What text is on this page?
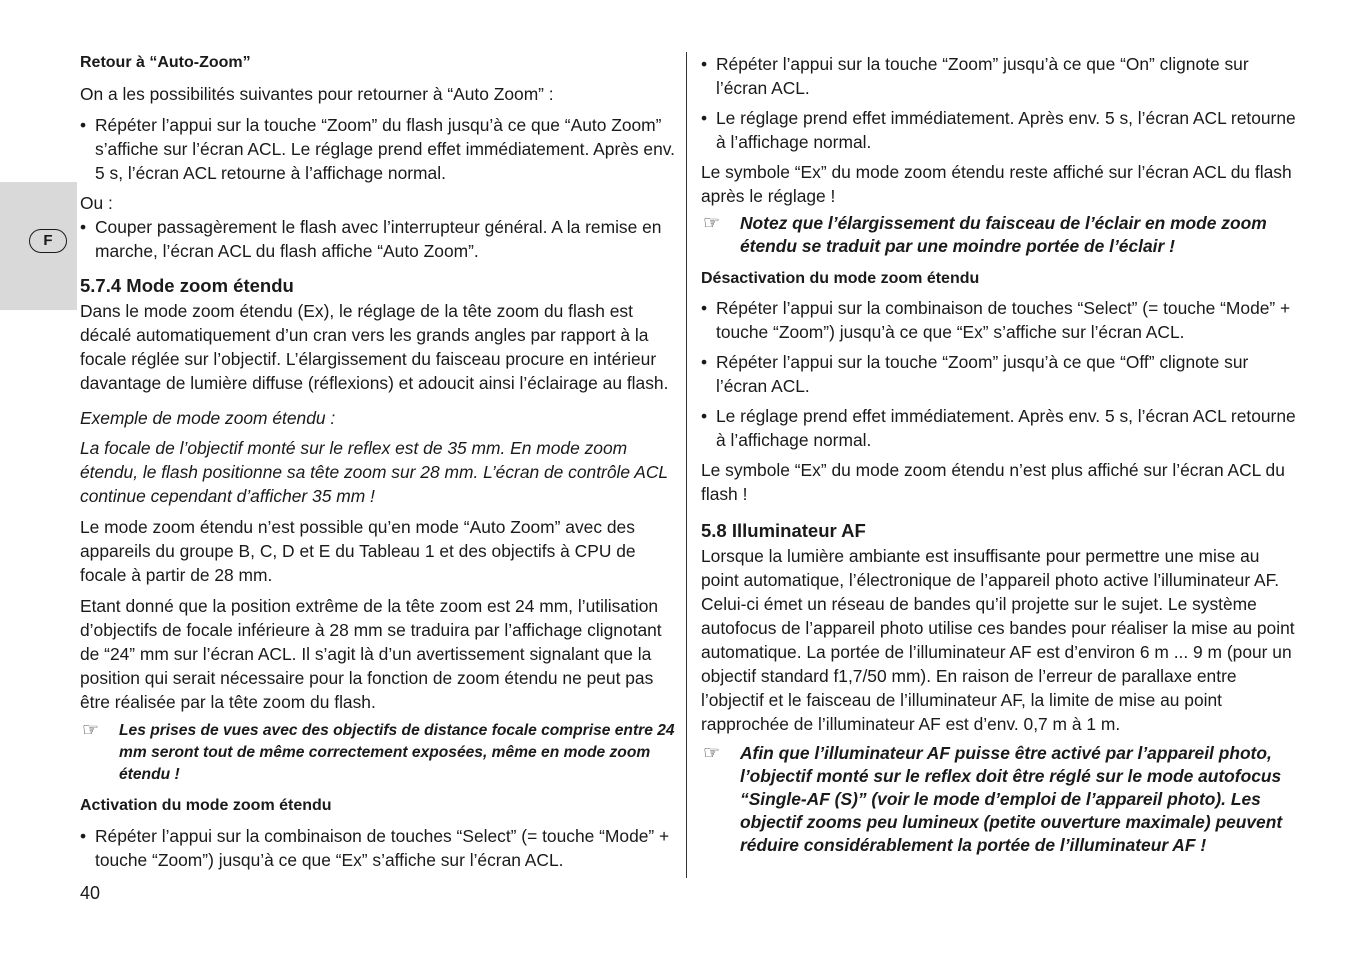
F

Retour à “Auto-Zoom”

On a les possibilités suivantes pour retourner à “Auto Zoom” :

• Répéter l’appui sur la touche “Zoom” du flash jusqu’à ce que “Auto Zoom” s’affiche sur l’écran ACL. Le réglage prend effet immédiatement. Après env. 5 s, l’écran ACL retourne à l’affichage normal.

Ou :

• Couper passagèrement le flash avec l’interrupteur général. A la remise en marche, l’écran ACL du flash affiche “Auto Zoom”.

5.7.4 Mode zoom étendu

Dans le mode zoom étendu (Ex), le réglage de la tête zoom du flash est décalé automatiquement d’un cran vers les grands angles par rapport à la focale réglée sur l’objectif. L’élargissement du faisceau procure en intérieur davantage de lumière diffuse (réflexions) et adoucit ainsi l’éclairage au flash.

Exemple de mode zoom étendu :

La focale de l’objectif monté sur le reflex est de 35 mm. En mode zoom étendu, le flash positionne sa tête zoom sur 28 mm. L’écran de contrôle ACL continue cependant d’afficher 35 mm !

Le mode zoom étendu n’est possible qu’en mode “Auto Zoom” avec des appareils du groupe B, C, D et E du Tableau 1 et des objectifs à CPU de focale à partir de 28 mm.

Etant donné que la position extrême de la tête zoom est 24 mm, l’utilisation d’objectifs de focale inférieure à 28 mm se traduira par l’affichage clignotant de “24” mm sur l’écran ACL. Il s’agit là d’un avertissement signalant que la position qui serait nécessaire pour la fonction de zoom étendu ne peut pas être réalisée par la tête zoom du flash.

☞ Les prises de vues avec des objectifs de distance focale comprise entre 24 mm seront tout de même correctement exposées, même en mode zoom étendu !

Activation du mode zoom étendu

• Répéter l’appui sur la combinaison de touches “Select” (= touche “Mode” + touche “Zoom”) jusqu’à ce que “Ex” s’affiche sur l’écran ACL.

• Répéter l’appui sur la touche “Zoom” jusqu’à ce que “On” clignote sur l’écran ACL.

• Le réglage prend effet immédiatement. Après env. 5 s, l’écran ACL retourne à l’affichage normal.

Le symbole “Ex” du mode zoom étendu reste affiché sur l’écran ACL du flash après le réglage !

☞ Notez que l’élargissement du faisceau de l’éclair en mode zoom étendu se traduit par une moindre portée de l’éclair !

Désactivation du mode zoom étendu

• Répéter l’appui sur la combinaison de touches “Select” (= touche “Mode” + touche “Zoom”) jusqu’à ce que “Ex” s’affiche sur l’écran ACL.

• Répéter l’appui sur la touche “Zoom” jusqu’à ce que “Off” clignote sur l’écran ACL.

• Le réglage prend effet immédiatement. Après env. 5 s, l’écran ACL retourne à l’affichage normal.

Le symbole “Ex” du mode zoom étendu n’est plus affiché sur l’écran ACL du flash !

5.8 Illuminateur AF

Lorsque la lumière ambiante est insuffisante pour permettre une mise au point automatique, l’électronique de l’appareil photo active l’illuminateur AF. Celui-ci émet un réseau de bandes qu’il projette sur le sujet. Le système autofocus de l’appareil photo utilise ces bandes pour réaliser la mise au point automatique. La portée de l’illuminateur AF est d’environ 6 m ... 9 m (pour un objectif standard f1,7/50 mm). En raison de l’erreur de parallaxe entre l’objectif et le faisceau de l’illuminateur AF, la limite de mise au point rapprochée de l’illuminateur AF est d’env. 0,7 m à 1 m.

☞ Afin que l’illuminateur AF puisse être activé par l’appareil photo, l’objectif monté sur le reflex doit être réglé sur le mode autofocus “Single-AF (S)” (voir le mode d’emploi de l’appareil photo). Les objectif zooms peu lumineux (petite ouverture maximale) peuvent réduire considérablement la portée de l’illuminateur AF !
40
